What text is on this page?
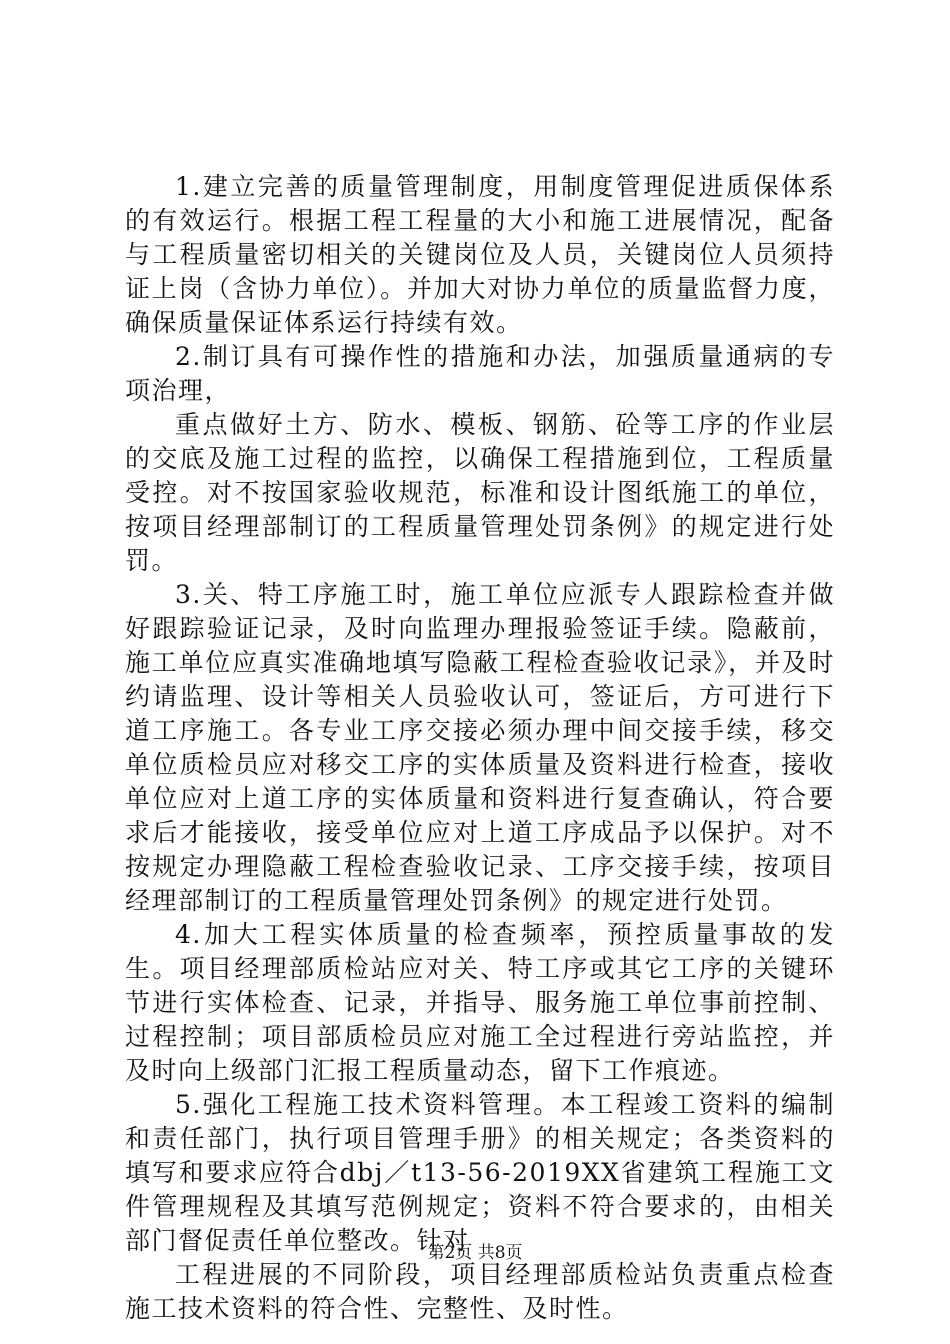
1.建立完善的质量管理制度，用制度管理促进质保体系的有效运行。根据工程工程量的大小和施工进展情况，配备与工程质量密切相关的关键岗位及人员，关键岗位人员须持证上岗（含协力单位）。并加大对协力单位的质量监督力度，确保质量保证体系运行持续有效。

2.制订具有可操作性的措施和办法，加强质量通病的专项治理，

重点做好土方、防水、模板、钢筋、砼等工序的作业层的交底及施工过程的监控，以确保工程措施到位，工程质量受控。对不按国家验收规范，标准和设计图纸施工的单位，按项目经理部制订的工程质量管理处罚条例》的规定进行处罚。

3.关、特工序施工时，施工单位应派专人跟踪检查并做好跟踪验证记录，及时向监理办理报验签证手续。隐蔽前，施工单位应真实准确地填写隐蔽工程检查验收记录》，并及时约请监理、设计等相关人员验收认可，签证后，方可进行下道工序施工。各专业工序交接必须办理中间交接手续，移交单位质检员应对移交工序的实体质量及资料进行检查，接收单位应对上道工序的实体质量和资料进行复查确认，符合要求后才能接收，接受单位应对上道工序成品予以保护。对不按规定办理隐蔽工程检查验收记录、工序交接手续，按项目经理部制订的工程质量管理处罚条例》的规定进行处罚。

4.加大工程实体质量的检查频率，预控质量事故的发生。项目经理部质检站应对关、特工序或其它工序的关键环节进行实体检查、记录，并指导、服务施工单位事前控制、过程控制；项目部质检员应对施工全过程进行旁站监控，并及时向上级部门汇报工程质量动态，留下工作痕迹。

5.强化工程施工技术资料管理。本工程竣工资料的编制和责任部门，执行项目管理手册》的相关规定；各类资料的填写和要求应符合dbj／t13-56-2019XX省建筑工程施工文件管理规程及其填写范例规定；资料不符合要求的，由相关部门督促责任单位整改。针对

工程进展的不同阶段，项目经理部质检站负责重点检查施工技术资料的符合性、完整性、及时性。

第2页 共8页
